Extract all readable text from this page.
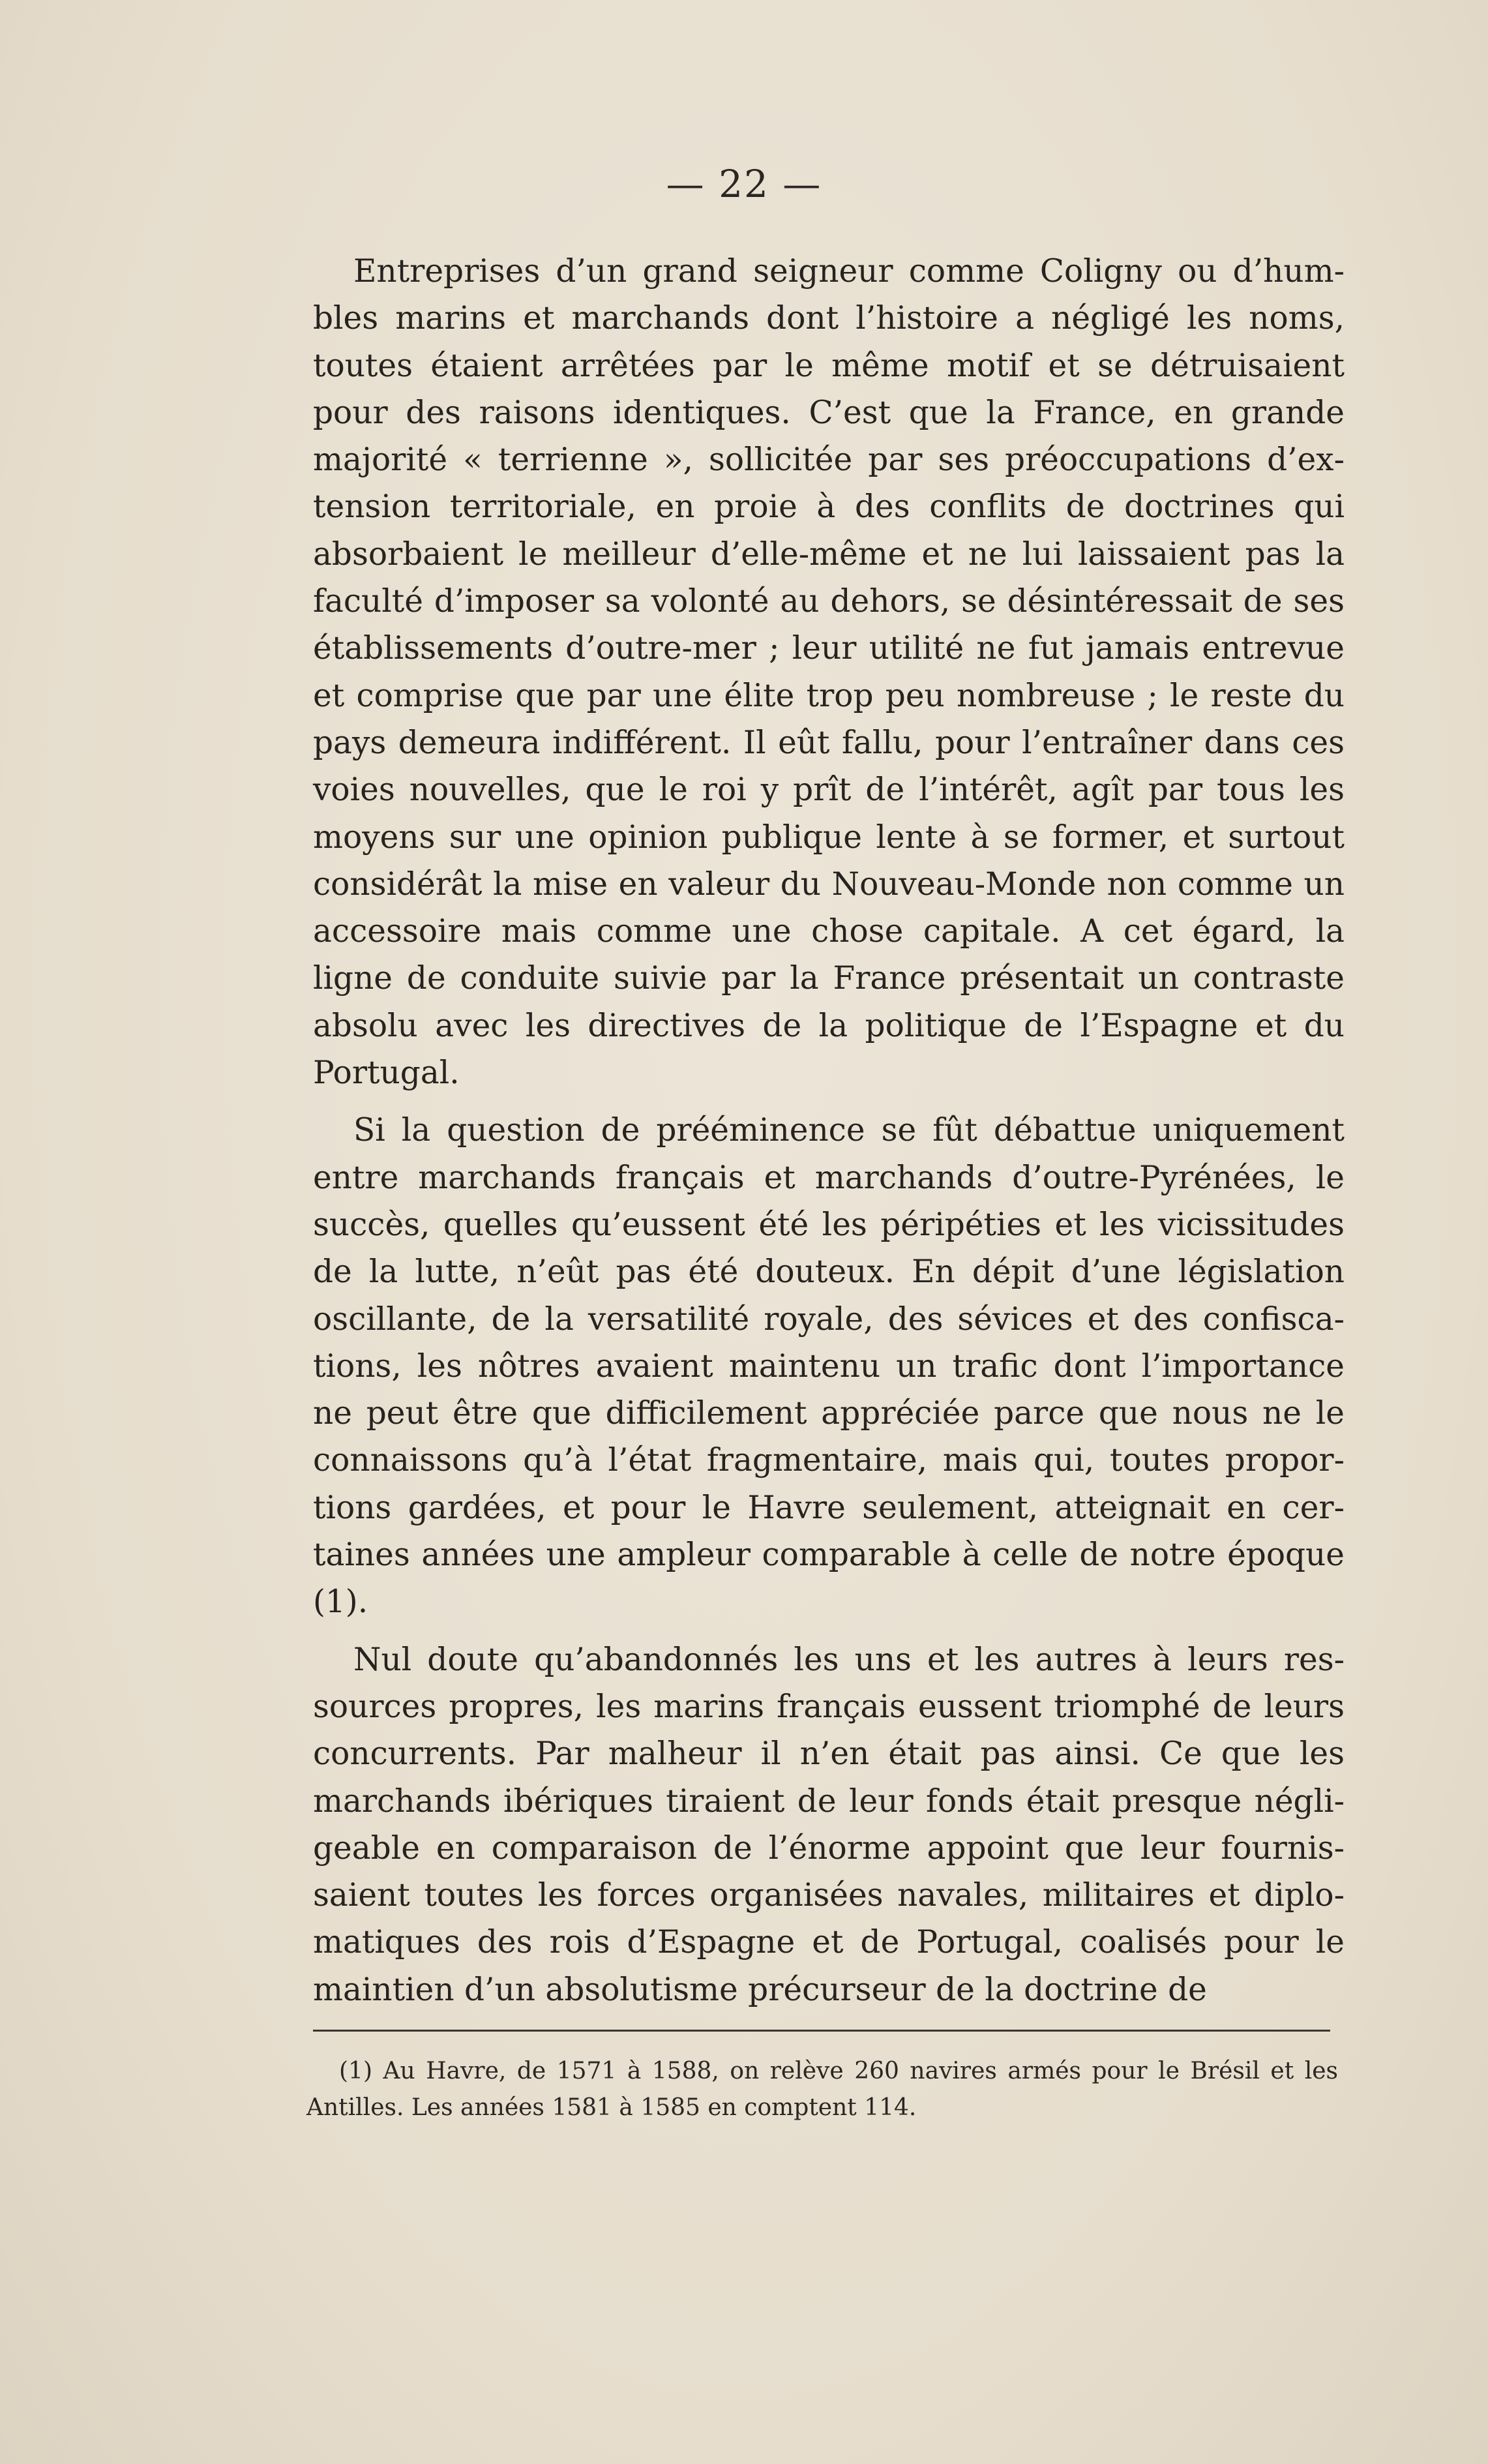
— 22 —

Entreprises d’un grand seigneur comme Coligny ou d’humbles marins et marchands dont l’histoire a négligé les noms, toutes étaient arrêtées par le même motif et se détruisaient pour des raisons identiques. C’est que la France, en grande majorité « terrienne », sollicitée par ses préoccupations d’extension territoriale, en proie à des conflits de doctrines qui absorbaient le meilleur d’elle-même et ne lui laissaient pas la faculté d’imposer sa volonté au dehors, se désintéressait de ses établissements d’outre-mer ; leur utilité ne fut jamais entrevue et comprise que par une élite trop peu nombreuse ; le reste du pays demeura indifférent. Il eût fallu, pour l’entraîner dans ces voies nouvelles, que le roi y prît de l’intérêt, agît par tous les moyens sur une opinion publique lente à se former, et surtout considérât la mise en valeur du Nouveau-Monde non comme un accessoire mais comme une chose capitale. A cet égard, la ligne de conduite suivie par la France présentait un contraste absolu avec les directives de la politique de l’Espagne et du Portugal.

Si la question de prééminence se fût débattue uniquement entre marchands français et marchands d’outre-Pyrénées, le succès, quelles qu’eussent été les péripéties et les vicissitudes de la lutte, n’eût pas été douteux. En dépit d’une législation oscillante, de la versatilité royale, des sévices et des confiscations, les nôtres avaient maintenu un trafic dont l’importance ne peut être que difficilement appréciée parce que nous ne le connaissons qu’à l’état fragmentaire, mais qui, toutes proportions gardées, et pour le Havre seulement, atteignait en certaines années une ampleur comparable à celle de notre époque (1).

Nul doute qu’abandonnés les uns et les autres à leurs ressources propres, les marins français eussent triomphé de leurs concurrents. Par malheur il n’en était pas ainsi. Ce que les marchands ibériques tiraient de leur fonds était presque négligeable en comparaison de l’énorme appoint que leur fournissaient toutes les forces organisées navales, militaires et diplomatiques des rois d’Espagne et de Portugal, coalisés pour le maintien d’un absolutisme précurseur de la doctrine de

(1) Au Havre, de 1571 à 1588, on relève 260 navires armés pour le Brésil et les Antilles. Les années 1581 à 1585 en comptent 114.
